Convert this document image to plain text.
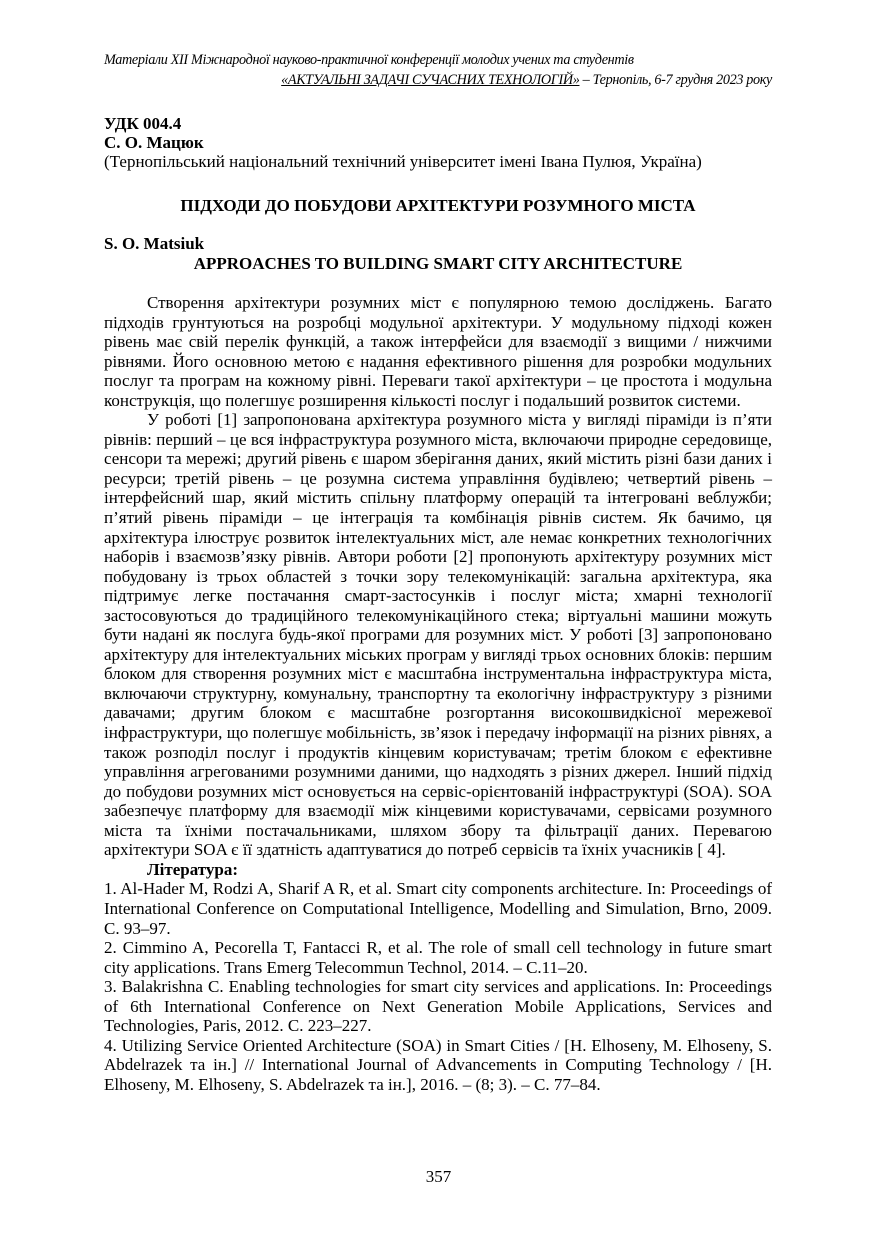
Матеріали XII Міжнародної науково-практичної конференції молодих учених та студентів
«АКТУАЛЬНІ ЗАДАЧІ СУЧАСНИХ ТЕХНОЛОГІЙ» – Тернопіль, 6-7 грудня 2023 року
УДК 004.4
С. О. Мацюк
(Тернопільський національний технічний університет імені Івана Пулюя, Україна)
ПІДХОДИ ДО ПОБУДОВИ АРХІТЕКТУРИ РОЗУМНОГО МІСТА
S. O. Matsiuk
APPROACHES TO BUILDING SMART CITY ARCHITECTURE

Створення архітектури розумних міст є популярною темою досліджень. Багато підходів грунтуються на розробці модульної архітектури. У модульному підході кожен рівень має свій перелік функцій, а також інтерфейси для взаємодії з вищими / нижчими рівнями. Його основною метою є надання ефективного рішення для розробки модульних послуг та програм на кожному рівні. Переваги такої архітектури – це простота і модульна конструкція, що полегшує розширення кількості послуг і подальший розвиток системи.

У роботі [1] запропонована архітектура розумного міста у вигляді піраміди із п’яти рівнів: перший – це вся інфраструктура розумного міста, включаючи природне середовище, сенсори та мережі; другий рівень є шаром зберігання даних, який містить різні бази даних і ресурси; третій рівень – це розумна система управління будівлею; четвертий рівень – інтерфейсний шар, який містить спільну платформу операцій та інтегровані веблужби; п’ятий рівень піраміди – це інтеграція та комбінація рівнів систем. Як бачимо, ця архітектура ілюструє розвиток інтелектуальних міст, але немає конкретних технологічних наборів і взаємозв’язку рівнів. Автори роботи [2] пропонують архітектуру розумних міст побудовану із трьох областей з точки зору телекомунікацій: загальна архітектура, яка підтримує легке постачання смарт-застосунків і послуг міста; хмарні технології застосовуються до традиційного телекомунікаційного стека; віртуальні машини можуть бути надані як послуга будь-якої програми для розумних міст. У роботі [3] запропоновано архітектуру для інтелектуальних міських програм у вигляді трьох основних блоків: першим блоком для створення розумних міст є масштабна інструментальна інфраструктура міста, включаючи структурну, комунальну, транспортну та екологічну інфраструктуру з різними давачами; другим блоком є масштабне розгортання високошвидкісної мережевої інфраструктури, що полегшує мобільність, зв’язок і передачу інформації на різних рівнях, а також розподіл послуг і продуктів кінцевим користувачам; третім блоком є ефективне управління агрегованими розумними даними, що надходять з різних джерел. Інший підхід до побудови розумних міст основується на сервіс-орієнтованій інфраструктурі (SOA). SOA забезпечує платформу для взаємодії між кінцевими користувачами, сервісами розумного міста та їхніми постачальниками, шляхом збору та фільтрації даних. Перевагою архітектури SOA є її здатність адаптуватися до потреб сервісів та їхніх учасників [ 4].

Література:
1. Al-Hader M, Rodzi A, Sharif A R, et al. Smart city components architecture. In: Proceedings of International Conference on Computational Intelligence, Modelling and Simulation, Brno, 2009. C. 93–97.
2. Cimmino A, Pecorella T, Fantacci R, et al. The role of small cell technology in future smart city applications. Trans Emerg Telecommun Technol, 2014. – C.11–20.
3. Balakrishna C. Enabling technologies for smart city services and applications. In: Proceedings of 6th International Conference on Next Generation Mobile Applications, Services and Technologies, Paris, 2012. C. 223–227.
4. Utilizing Service Oriented Architecture (SOA) in Smart Cities / [H. Elhoseny, M. Elhoseny, S. Abdelrazek та ін.] // International Journal of Advancements in Computing Technology / [H. Elhoseny, M. Elhoseny, S. Abdelrazek та ін.], 2016. – (8; 3). – С. 77–84.
357
